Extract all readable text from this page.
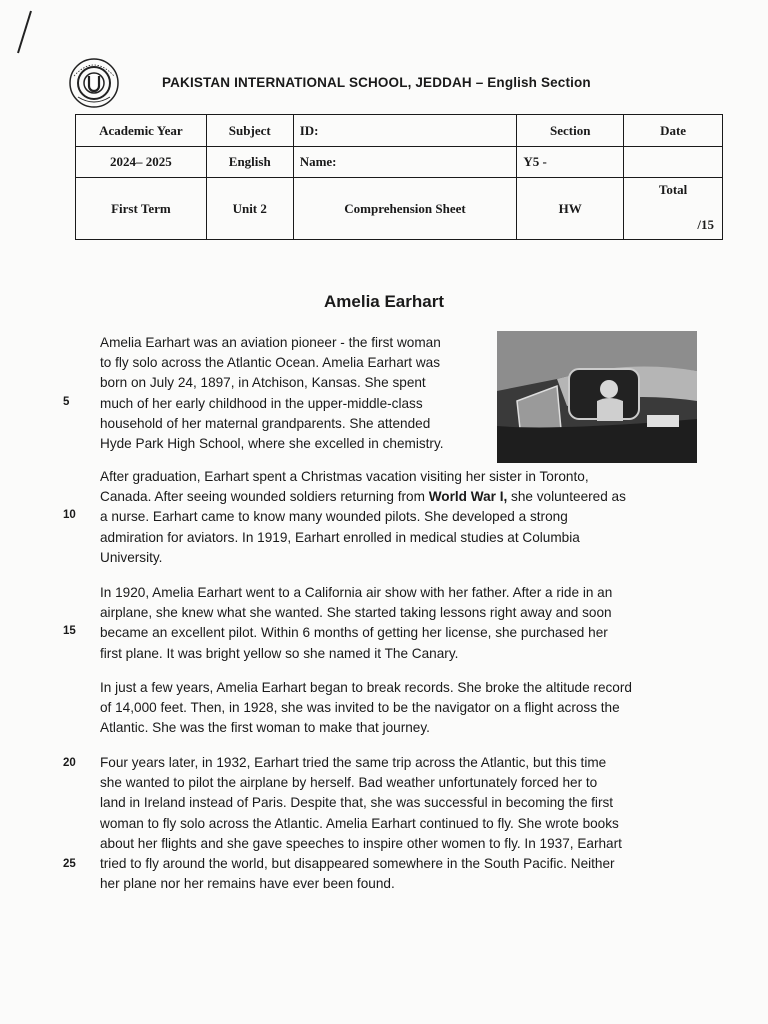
PAKISTAN INTERNATIONAL SCHOOL, JEDDAH – English Section
Academic Year	Subject	ID:	Section	Date
2024– 2025	English	Name:	Y5 -	
First Term	Unit 2	Comprehension Sheet	HW	Total
/15
Amelia Earhart
5
10
15
20
25

Amelia Earhart was an aviation pioneer - the first woman
to fly solo across the Atlantic Ocean. Amelia Earhart was
born on July 24, 1897, in Atchison, Kansas. She spent
much of her early childhood in the upper-middle-class
household of her maternal grandparents. She attended
Hyde Park High School, where she excelled in chemistry.

After graduation, Earhart spent a Christmas vacation visiting her sister in Toronto,
Canada. After seeing wounded soldiers returning from World War I, she volunteered as
a nurse. Earhart came to know many wounded pilots. She developed a strong
admiration for aviators. In 1919, Earhart enrolled in medical studies at Columbia
University.

In 1920, Amelia Earhart went to a California air show with her father. After a ride in an
airplane, she knew what she wanted. She started taking lessons right away and soon
became an excellent pilot. Within 6 months of getting her license, she purchased her
first plane. It was bright yellow so she named it The Canary.

In just a few years, Amelia Earhart began to break records. She broke the altitude record
of 14,000 feet. Then, in 1928, she was invited to be the navigator on a flight across the
Atlantic. She was the first woman to make that journey.

Four years later, in 1932, Earhart tried the same trip across the Atlantic, but this time
she wanted to pilot the airplane by herself. Bad weather unfortunately forced her to
land in Ireland instead of Paris. Despite that, she was successful in becoming the first
woman to fly solo across the Atlantic. Amelia Earhart continued to fly. She wrote books
about her flights and she gave speeches to inspire other women to fly. In 1937, Earhart
tried to fly around the world, but disappeared somewhere in the South Pacific. Neither
her plane nor her remains have ever been found.
